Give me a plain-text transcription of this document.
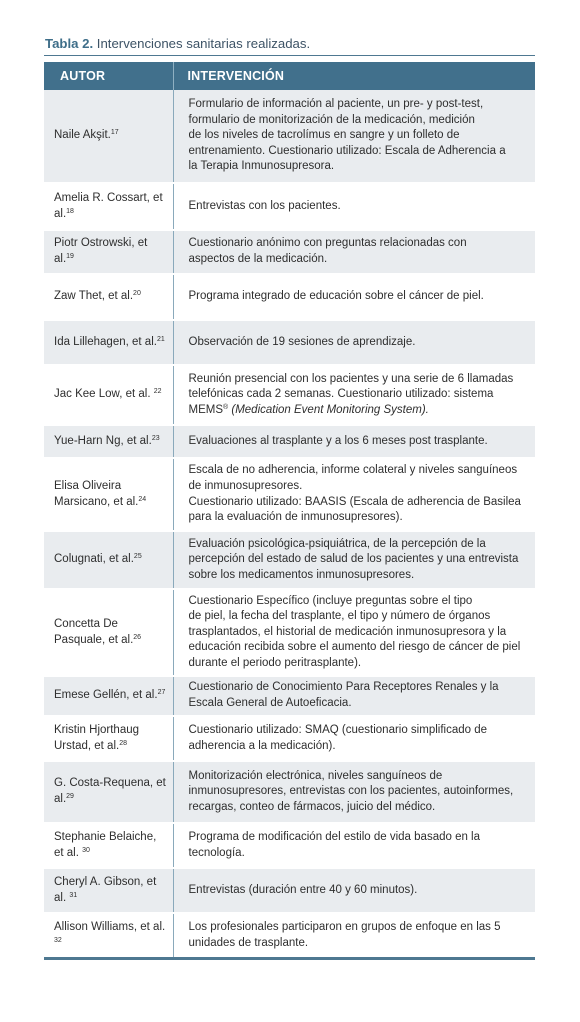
Tabla 2. Intervenciones sanitarias realizadas.
AUTOR	INTERVENCIÓN
Naile Akşit.$^{17}$	Formulario de información al paciente, un pre- y post-test,
formulario de monitorización de la medicación, medición
de los niveles de tacrolímus en sangre y un folleto de
entrenamiento. Cuestionario utilizado: Escala de Adherencia a
la Terapia Inmunosupresora.
Amelia R. Cossart, et al.$^{18}$	Entrevistas con los pacientes.
Piotr Ostrowski, et al.$^{19}$	Cuestionario anónimo con preguntas relacionadas con
aspectos de la medicación.
Zaw Thet, et al.$^{20}$	Programa integrado de educación sobre el cáncer de piel.
Ida Lillehagen, et al.$^{21}$	Observación de 19 sesiones de aprendizaje.
Jac Kee Low, et al. $^{22}$	Reunión presencial con los pacientes y una serie de 6 llamadas
telefónicas cada 2 semanas. Cuestionario utilizado: sistema
MEMS® (Medication Event Monitoring System).
Yue-Harn Ng, et al.$^{23}$	Evaluaciones al trasplante y a los 6 meses post trasplante.
Elisa Oliveira Marsicano, et al.$^{24}$	Escala de no adherencia, informe colateral y niveles sanguíneos
de inmunosupresores.
Cuestionario utilizado: BAASIS (Escala de adherencia de Basilea
para la evaluación de inmunosupresores).
Colugnati, et al.$^{25}$	Evaluación psicológica-psiquiátrica, de la percepción de la
percepción del estado de salud de los pacientes y una entrevista
sobre los medicamentos inmunosupresores.
Concetta De Pasquale, et al.$^{26}$	Cuestionario Específico (incluye preguntas sobre el tipo
de piel, la fecha del trasplante, el tipo y número de órganos
trasplantados, el historial de medicación inmunosupresora y la
educación recibida sobre el aumento del riesgo de cáncer de piel
durante el periodo peritrasplante).
Emese Gellén, et al.$^{27}$	Cuestionario de Conocimiento Para Receptores Renales y la
Escala General de Autoeficacia.
Kristin Hjorthaug Urstad, et al.$^{28}$	Cuestionario utilizado: SMAQ (cuestionario simplificado de
adherencia a la medicación).
G. Costa-Requena, et al.$^{29}$	Monitorización electrónica, niveles sanguíneos de
inmunosupresores, entrevistas con los pacientes, autoinformes,
recargas, conteo de fármacos, juicio del médico.
Stephanie Belaiche, et al. $^{30}$	Programa de modificación del estilo de vida basado en la
tecnología.
Cheryl A. Gibson, et al. $^{31}$	Entrevistas (duración entre 40 y 60 minutos).
Allison Williams, et al. $^{32}$	Los profesionales participaron en grupos de enfoque en las 5
unidades de trasplante.
